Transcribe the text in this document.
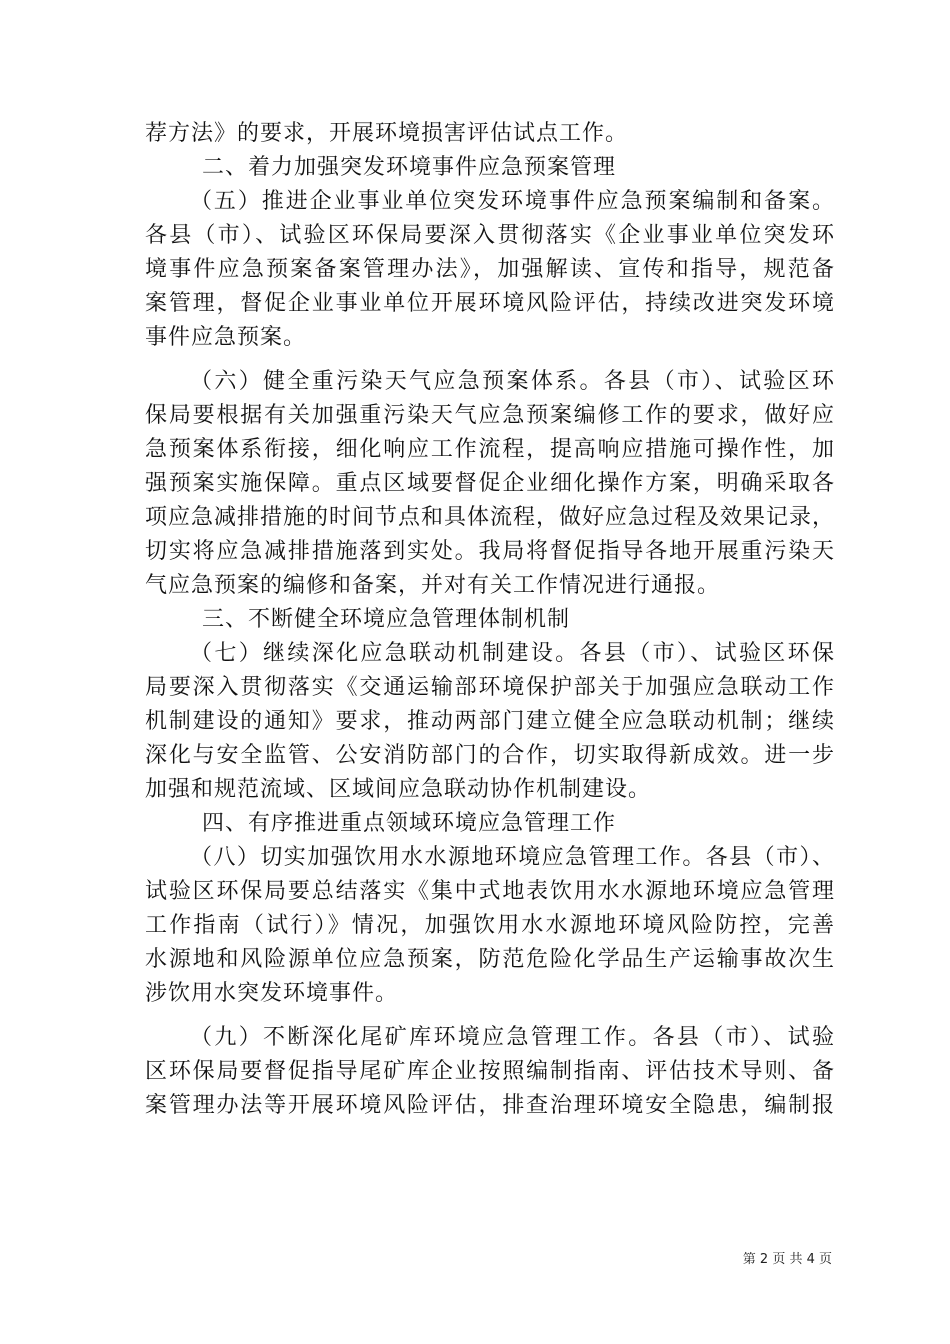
荐方法》的要求，开展环境损害评估试点工作。
二、着力加强突发环境事件应急预案管理
（五）推进企业事业单位突发环境事件应急预案编制和备案。
各县（市）、试验区环保局要深入贯彻落实《企业事业单位突发环
境事件应急预案备案管理办法》，加强解读、宣传和指导，规范备
案管理，督促企业事业单位开展环境风险评估，持续改进突发环境
事件应急预案。
（六）健全重污染天气应急预案体系。各县（市）、试验区环
保局要根据有关加强重污染天气应急预案编修工作的要求，做好应
急预案体系衔接，细化响应工作流程，提高响应措施可操作性，加
强预案实施保障。重点区域要督促企业细化操作方案，明确采取各
项应急减排措施的时间节点和具体流程，做好应急过程及效果记录，
切实将应急减排措施落到实处。我局将督促指导各地开展重污染天
气应急预案的编修和备案，并对有关工作情况进行通报。
三、不断健全环境应急管理体制机制
（七）继续深化应急联动机制建设。各县（市）、试验区环保
局要深入贯彻落实《交通运输部环境保护部关于加强应急联动工作
机制建设的通知》要求，推动两部门建立健全应急联动机制；继续
深化与安全监管、公安消防部门的合作，切实取得新成效。进一步
加强和规范流域、区域间应急联动协作机制建设。
四、有序推进重点领域环境应急管理工作
（八）切实加强饮用水水源地环境应急管理工作。各县（市）、
试验区环保局要总结落实《集中式地表饮用水水源地环境应急管理
工作指南（试行）》情况，加强饮用水水源地环境风险防控，完善
水源地和风险源单位应急预案，防范危险化学品生产运输事故次生
涉饮用水突发环境事件。
（九）不断深化尾矿库环境应急管理工作。各县（市）、试验
区环保局要督促指导尾矿库企业按照编制指南、评估技术导则、备
案管理办法等开展环境风险评估，排查治理环境安全隐患，编制报
第 2 页 共 4 页
